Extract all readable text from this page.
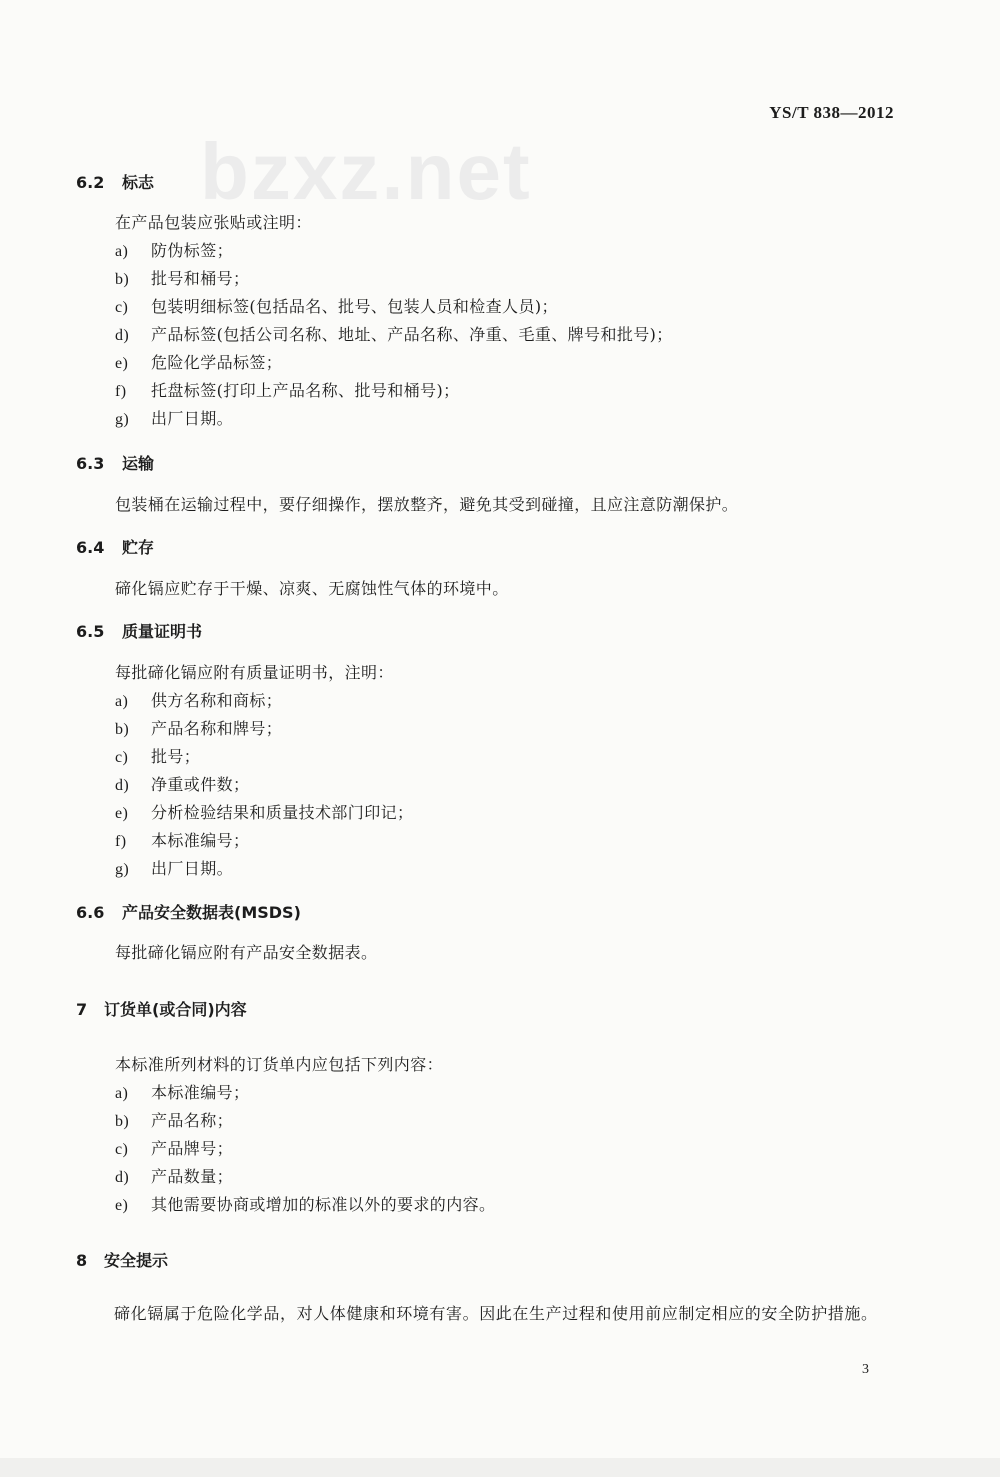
bzxz.net
YS/T 838—2012
6.2 标志
在产品包装应张贴或注明：
a) 防伪标签；
b) 批号和桶号；
c) 包装明细标签(包括品名、批号、包装人员和检查人员)；
d) 产品标签(包括公司名称、地址、产品名称、净重、毛重、牌号和批号)；
e) 危险化学品标签；
f) 托盘标签(打印上产品名称、批号和桶号)；
g) 出厂日期。
6.3 运输
包装桶在运输过程中，要仔细操作，摆放整齐，避免其受到碰撞，且应注意防潮保护。
6.4 贮存
碲化镉应贮存于干燥、凉爽、无腐蚀性气体的环境中。
6.5 质量证明书
每批碲化镉应附有质量证明书，注明：
a) 供方名称和商标；
b) 产品名称和牌号；
c) 批号；
d) 净重或件数；
e) 分析检验结果和质量技术部门印记；
f) 本标准编号；
g) 出厂日期。
6.6 产品安全数据表(MSDS)
每批碲化镉应附有产品安全数据表。
7 订货单(或合同)内容
本标准所列材料的订货单内应包括下列内容：
a) 本标准编号；
b) 产品名称；
c) 产品牌号；
d) 产品数量；
e) 其他需要协商或增加的标准以外的要求的内容。
8 安全提示
碲化镉属于危险化学品，对人体健康和环境有害。因此在生产过程和使用前应制定相应的安全防护措施。
3
